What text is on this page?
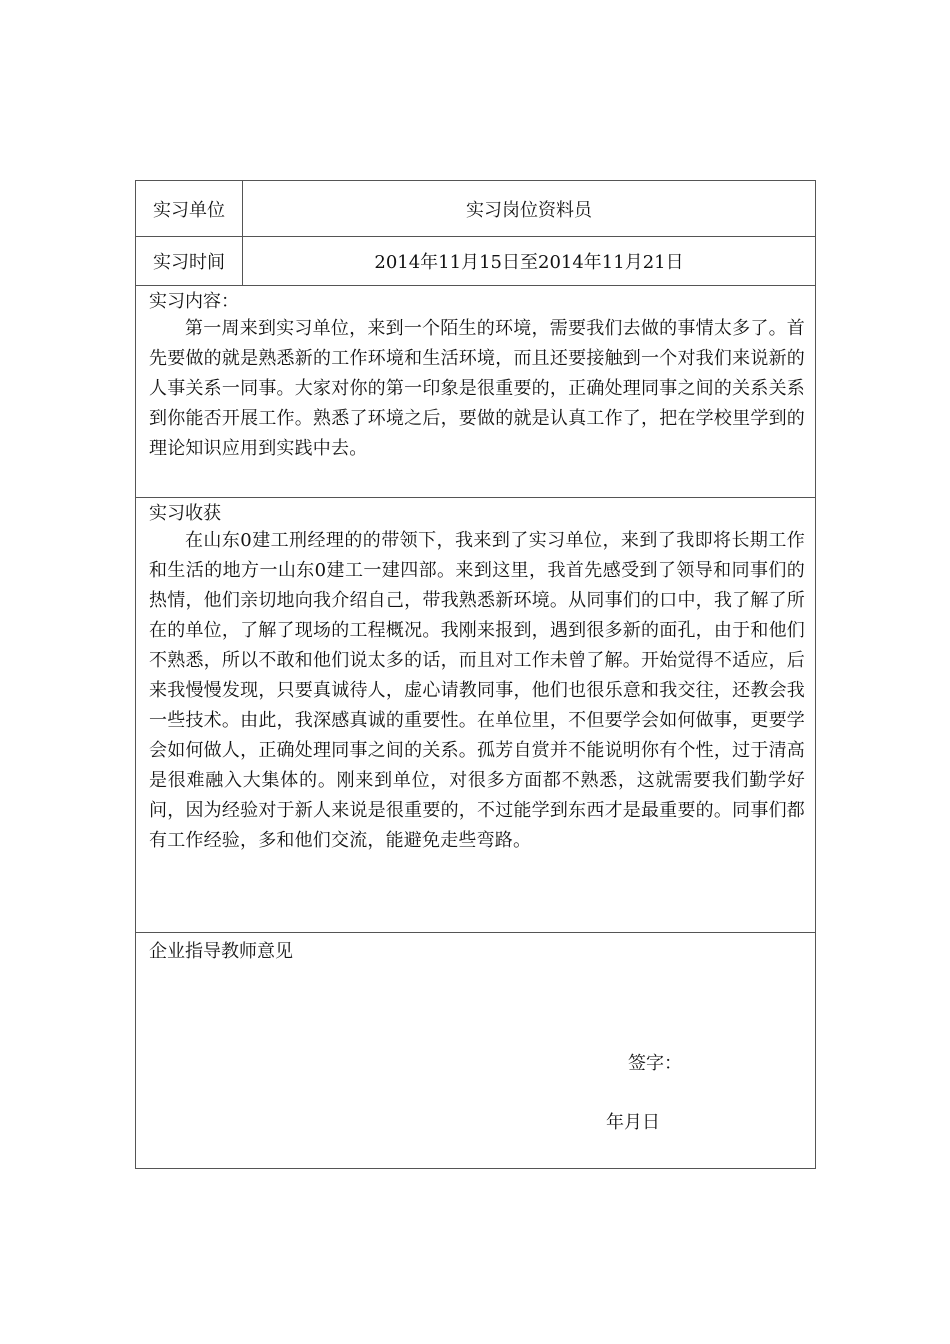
实习单位	实习岗位资料员
实习时间	2014年11月15日至2014年11月21日

实习内容：

第一周来到实习单位，来到一个陌生的环境，需要我们去做的事情太多了。首先要做的就是熟悉新的工作环境和生活环境，而且还要接触到一个对我们来说新的人事关系一同事。大家对你的第一印象是很重要的，正确处理同事之间的关系关系到你能否开展工作。熟悉了环境之后，要做的就是认真工作了，把在学校里学到的理论知识应用到实践中去。

实习收获

在山东0建工刑经理的的带领下，我来到了实习单位，来到了我即将长期工作和生活的地方一山东0建工一建四部。来到这里，我首先感受到了领导和同事们的热情，他们亲切地向我介绍自己，带我熟悉新环境。从同事们的口中，我了解了所在的单位，了解了现场的工程概况。我刚来报到，遇到很多新的面孔，由于和他们不熟悉，所以不敢和他们说太多的话，而且对工作未曾了解。开始觉得不适应，后来我慢慢发现，只要真诚待人，虚心请教同事，他们也很乐意和我交往，还教会我一些技术。由此，我深感真诚的重要性。在单位里，不但要学会如何做事，更要学会如何做人，正确处理同事之间的关系。孤芳自赏并不能说明你有个性，过于清高是很难融入大集体的。刚来到单位，对很多方面都不熟悉，这就需要我们勤学好问，因为经验对于新人来说是很重要的，不过能学到东西才是最重要的。同事们都有工作经验，多和他们交流，能避免走些弯路。

企业指导教师意见

签字：
年月日
